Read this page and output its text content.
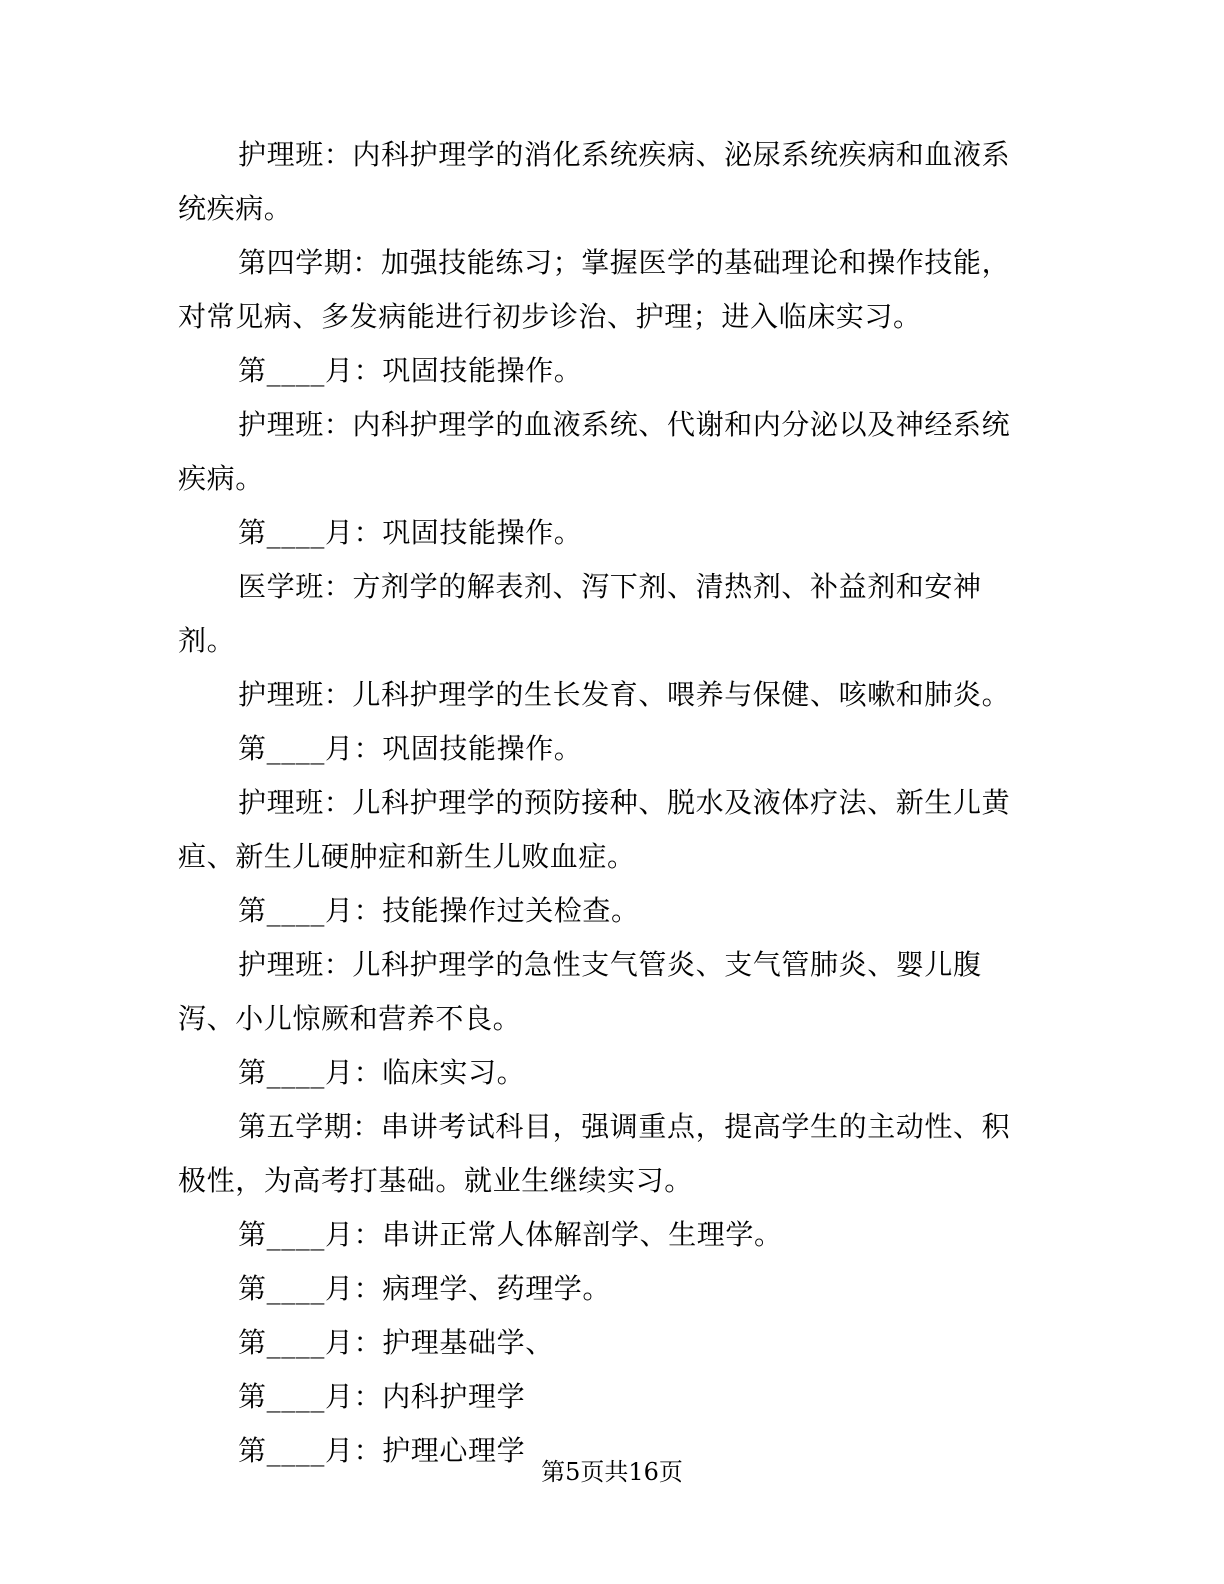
护理班：内科护理学的消化系统疾病、泌尿系统疾病和血液系统疾病。

第四学期：加强技能练习；掌握医学的基础理论和操作技能，对常见病、多发病能进行初步诊治、护理；进入临床实习。

第____月：巩固技能操作。

护理班：内科护理学的血液系统、代谢和内分泌以及神经系统疾病。

第____月：巩固技能操作。

医学班：方剂学的解表剂、泻下剂、清热剂、补益剂和安神剂。

护理班：儿科护理学的生长发育、喂养与保健、咳嗽和肺炎。

第____月：巩固技能操作。

护理班：儿科护理学的预防接种、脱水及液体疗法、新生儿黄疸、新生儿硬肿症和新生儿败血症。

第____月：技能操作过关检查。

护理班：儿科护理学的急性支气管炎、支气管肺炎、婴儿腹泻、小儿惊厥和营养不良。

第____月：临床实习。

第五学期：串讲考试科目，强调重点，提高学生的主动性、积极性，为高考打基础。就业生继续实习。

第____月：串讲正常人体解剖学、生理学。

第____月：病理学、药理学。

第____月：护理基础学、

第____月：内科护理学

第____月：护理心理学

第5页共16页
